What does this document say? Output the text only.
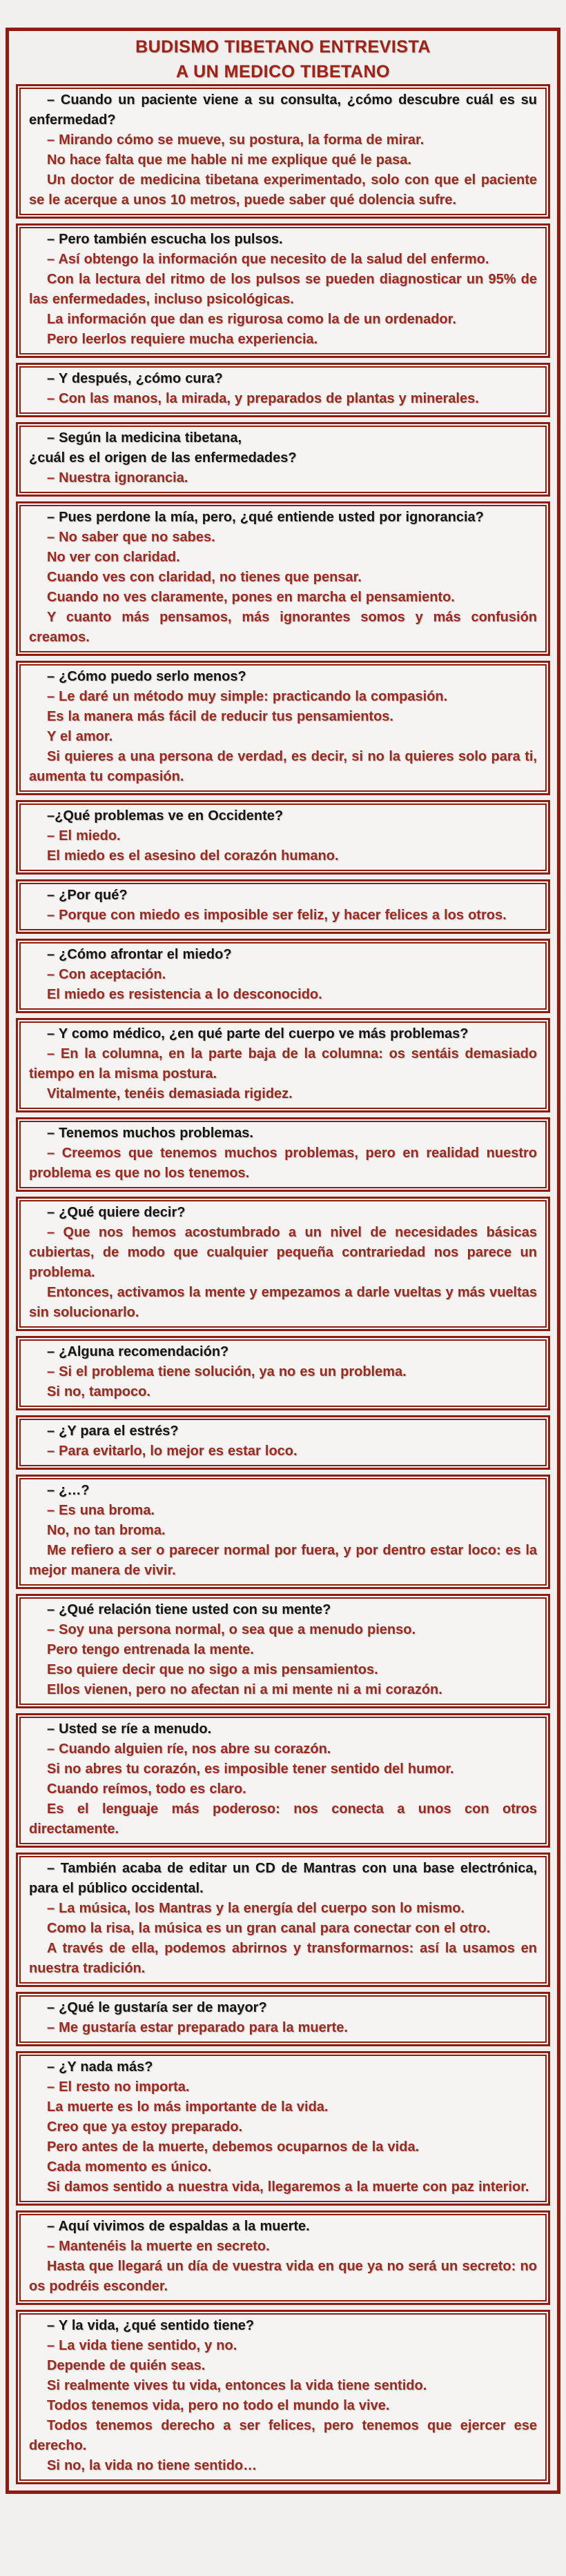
BUDISMO TIBETANO ENTREVISTA
A UN MEDICO TIBETANO
– Cuando un paciente viene a su consulta, ¿cómo descubre cuál es su enfermedad?
– Mirando cómo se mueve, su postura, la forma de mirar.
No hace falta que me hable ni me explique qué le pasa.
Un doctor de medicina tibetana experimentado, solo con que el paciente se le acerque a unos 10 metros, puede saber qué dolencia sufre.
– Pero también escucha los pulsos.
– Así obtengo la información que necesito de la salud del enfermo.
Con la lectura del ritmo de los pulsos se pueden diagnosticar un 95% de las enfermedades, incluso psicológicas.
La información que dan es rigurosa como la de un ordenador.
Pero leerlos requiere mucha experiencia.
– Y después, ¿cómo cura?
– Con las manos, la mirada, y preparados de plantas y minerales.
– Según la medicina tibetana,
¿cuál es el origen de las enfermedades?
– Nuestra ignorancia.
– Pues perdone la mía, pero, ¿qué entiende usted por ignorancia?
– No saber que no sabes.
No ver con claridad.
Cuando ves con claridad, no tienes que pensar.
Cuando no ves claramente, pones en marcha el pensamiento.
Y cuanto más pensamos, más ignorantes somos y más confusión creamos.
– ¿Cómo puedo serlo menos?
– Le daré un método muy simple: practicando la compasión.
Es la manera más fácil de reducir tus pensamientos.
Y el amor.
Si quieres a una persona de verdad, es decir, si no la quieres solo para ti, aumenta tu compasión.
–¿Qué problemas ve en Occidente?
– El miedo.
El miedo es el asesino del corazón humano.
– ¿Por qué?
– Porque con miedo es imposible ser feliz, y hacer felices a los otros.
– ¿Cómo afrontar el miedo?
– Con aceptación.
El miedo es resistencia a lo desconocido.
– Y como médico, ¿en qué parte del cuerpo ve más problemas?
– En la columna, en la parte baja de la columna: os sentáis demasiado tiempo en la misma postura.
Vitalmente, tenéis demasiada rigidez.
– Tenemos muchos problemas.
– Creemos que tenemos muchos problemas, pero en realidad nuestro problema es que no los tenemos.
– ¿Qué quiere decir?
– Que nos hemos acostumbrado a un nivel de necesidades básicas cubiertas, de modo que cualquier pequeña contrariedad nos parece un problema.
Entonces, activamos la mente y empezamos a darle vueltas y más vueltas sin solucionarlo.
– ¿Alguna recomendación?
– Si el problema tiene solución, ya no es un problema.
Si no, tampoco.
– ¿Y para el estrés?
– Para evitarlo, lo mejor es estar loco.
– ¿…?
– Es una broma.
No, no tan broma.
Me refiero a ser o parecer normal por fuera, y por dentro estar loco: es la mejor manera de vivir.
– ¿Qué relación tiene usted con su mente?
– Soy una persona normal, o sea que a menudo pienso.
Pero tengo entrenada la mente.
Eso quiere decir que no sigo a mis pensamientos.
Ellos vienen, pero no afectan ni a mi mente ni a mi corazón.
– Usted se ríe a menudo.
– Cuando alguien ríe, nos abre su corazón.
Si no abres tu corazón, es imposible tener sentido del humor.
Cuando reímos, todo es claro.
Es el lenguaje más poderoso: nos conecta a unos con otros directamente.
– También acaba de editar un CD de Mantras con una base electrónica, para el público occidental.
– La música, los Mantras y la energía del cuerpo son lo mismo.
Como la risa, la música es un gran canal para conectar con el otro.
A través de ella, podemos abrirnos y transformarnos: así la usamos en nuestra tradición.
– ¿Qué le gustaría ser de mayor?
– Me gustaría estar preparado para la muerte.
– ¿Y nada más?
– El resto no importa.
La muerte es lo más importante de la vida.
Creo que ya estoy preparado.
Pero antes de la muerte, debemos ocuparnos de la vida.
Cada momento es único.
Si damos sentido a nuestra vida, llegaremos a la muerte con paz interior.
– Aquí vivimos de espaldas a la muerte.
– Mantenéis la muerte en secreto.
Hasta que llegará un día de vuestra vida en que ya no será un secreto: no os podréis esconder.
– Y la vida, ¿qué sentido tiene?
– La vida tiene sentido, y no.
Depende de quién seas.
Si realmente vives tu vida, entonces la vida tiene sentido.
Todos tenemos vida, pero no todo el mundo la vive.
Todos tenemos derecho a ser felices, pero tenemos que ejercer ese derecho.
Si no, la vida no tiene sentido…
